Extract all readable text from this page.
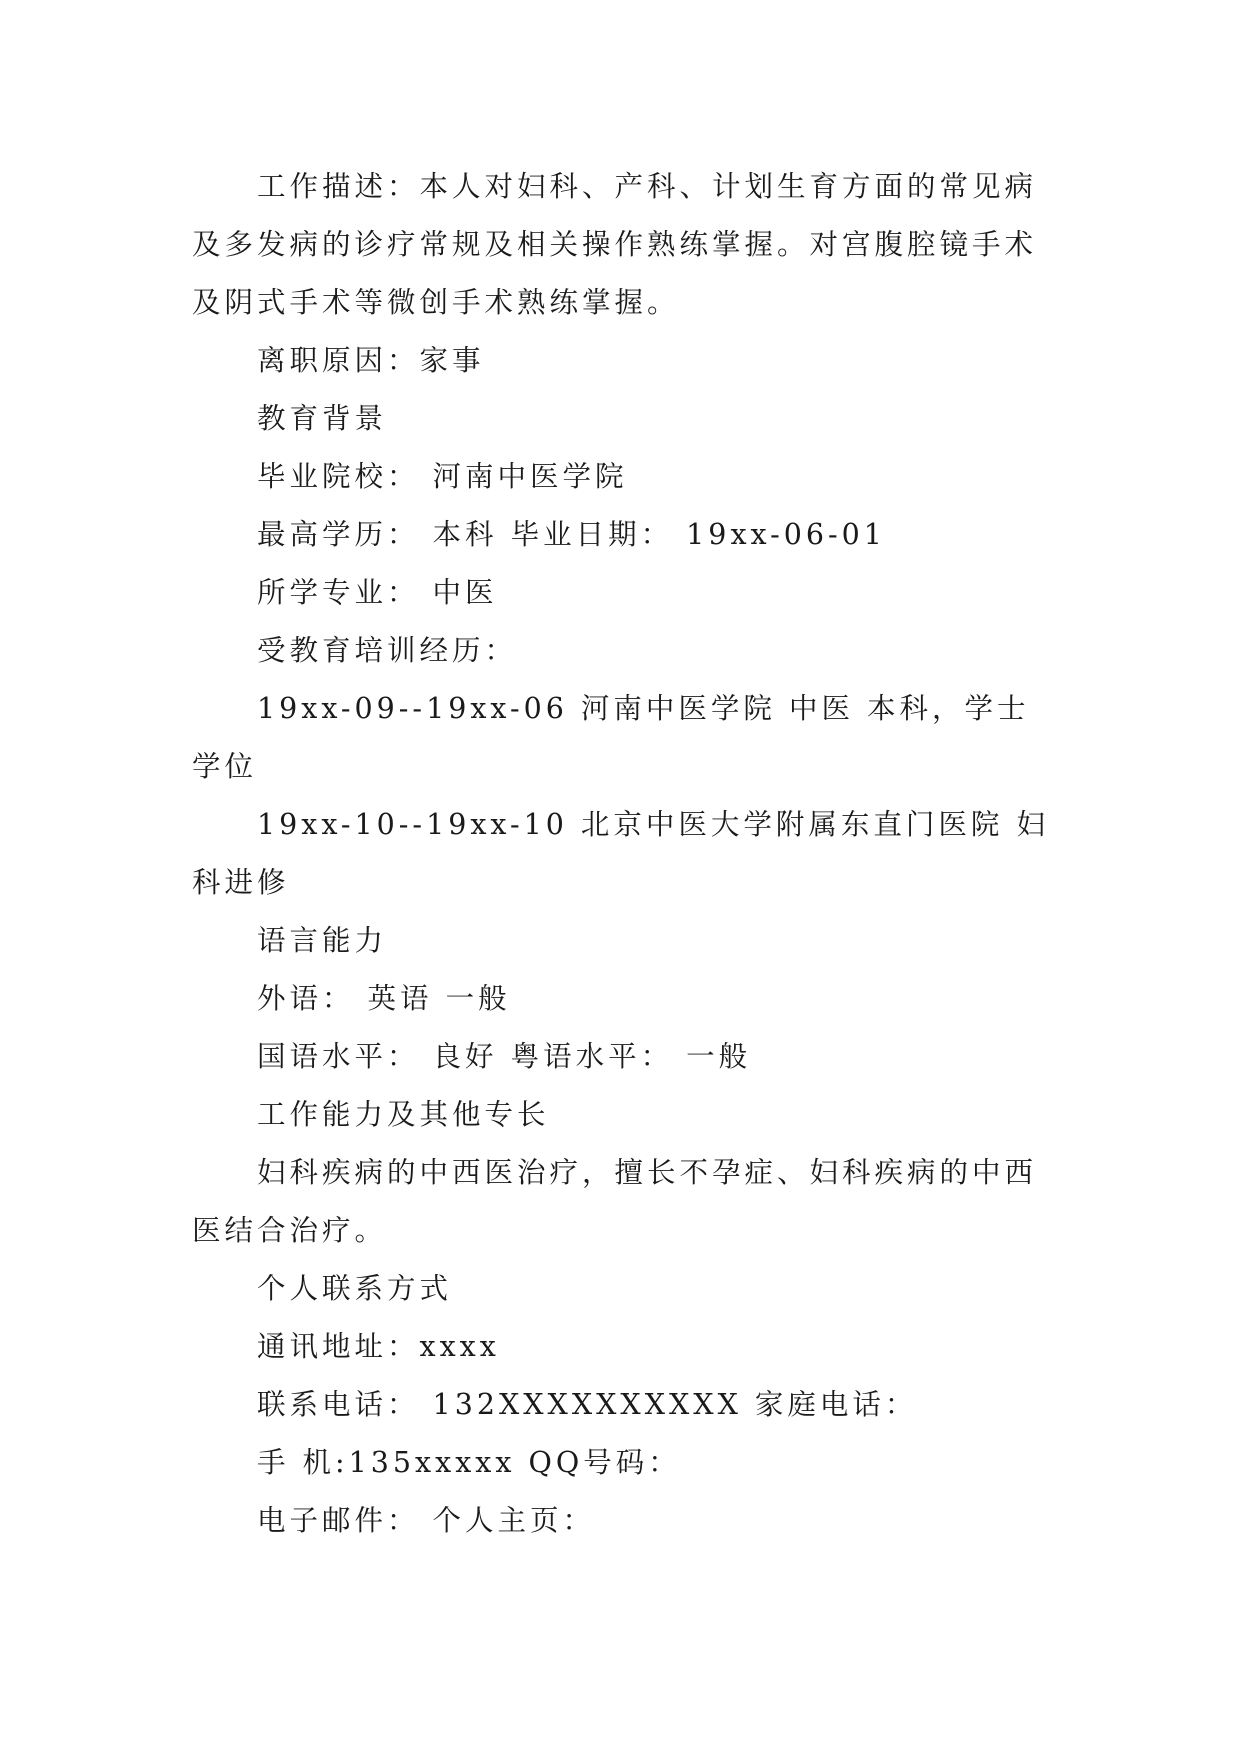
工作描述：本人对妇科、产科、计划生育方面的常见病及多发病的诊疗常规及相关操作熟练掌握。对宫腹腔镜手术及阴式手术等微创手术熟练掌握。

离职原因：家事

教育背景

毕业院校： 河南中医学院

最高学历： 本科 毕业日期： 19xx-06-01

所学专业： 中医

受教育培训经历：

19xx-09--19xx-06 河南中医学院 中医 本科，学士学位

19xx-10--19xx-10 北京中医大学附属东直门医院 妇科进修

语言能力

外语： 英语 一般

国语水平： 良好 粤语水平： 一般

工作能力及其他专长

妇科疾病的中西医治疗，擅长不孕症、妇科疾病的中西医结合治疗。

个人联系方式

通讯地址：xxxx

联系电话： 132XXXXXXXXXX 家庭电话：

手 机:135xxxxx QQ号码：

电子邮件： 个人主页：
